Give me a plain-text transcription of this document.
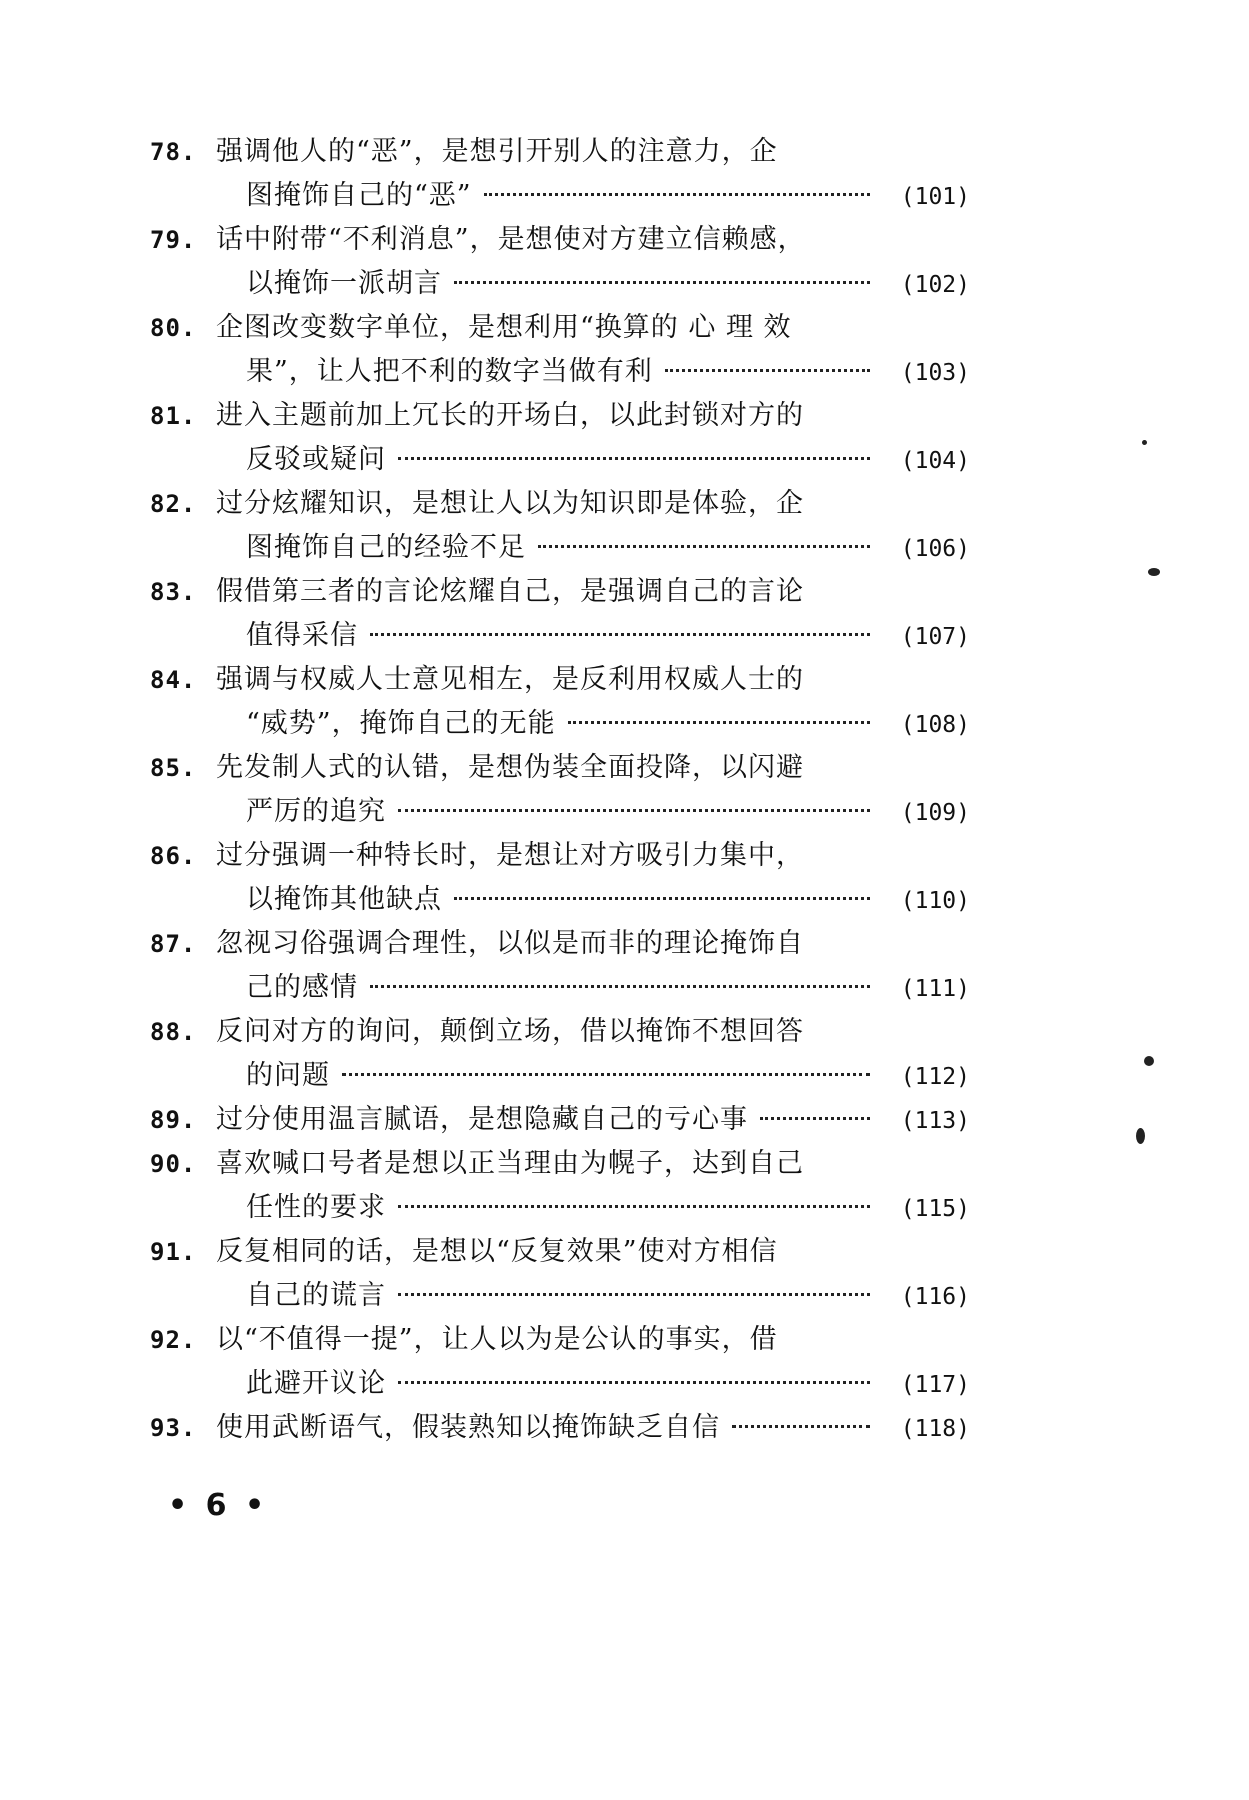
78. 强调他人的“恶”，是想引开别人的注意力，企
图掩饰自己的“恶”	(101)
79. 话中附带“不利消息”，是想使对方建立信赖感，
以掩饰一派胡言	(102)
80. 企图改变数字单位，是想利用“换算的 心 理 效
果”，让人把不利的数字当做有利	(103)
81. 进入主题前加上冗长的开场白，以此封锁对方的
反驳或疑问	(104)
82. 过分炫耀知识，是想让人以为知识即是体验，企
图掩饰自己的经验不足	(106)
83. 假借第三者的言论炫耀自己，是强调自己的言论
值得采信	(107)
84. 强调与权威人士意见相左，是反利用权威人士的
“威势”，掩饰自己的无能	(108)
85. 先发制人式的认错，是想伪装全面投降，以闪避
严厉的追究	(109)
86. 过分强调一种特长时，是想让对方吸引力集中，
以掩饰其他缺点	(110)
87. 忽视习俗强调合理性，以似是而非的理论掩饰自
己的感情	(111)
88. 反问对方的询问，颠倒立场，借以掩饰不想回答
的问题	(112)
89. 过分使用温言腻语，是想隐藏自己的亏心事	(113)
90. 喜欢喊口号者是想以正当理由为幌子，达到自己
任性的要求	(115)
91. 反复相同的话，是想以“反复效果”使对方相信
自己的谎言	(116)
92. 以“不值得一提”，让人以为是公认的事实，借
此避开议论	(117)
93. 使用武断语气，假装熟知以掩饰缺乏自信	(118)
• 6 •
